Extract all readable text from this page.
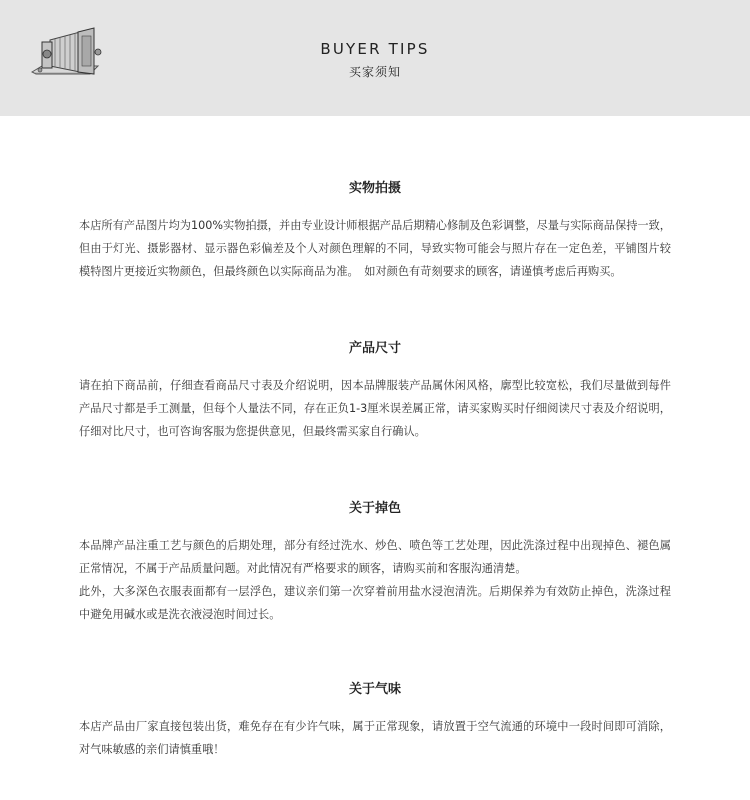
BUYER TIPS
买家须知
实物拍摄

本店所有产品图片均为100%实物拍摄，并由专业设计师根据产品后期精心修制及色彩调整，尽量与实际商品保持一致，但由于灯光、摄影器材、显示器色彩偏差及个人对颜色理解的不同，导致实物可能会与照片存在一定色差，平铺图片较模特图片更接近实物颜色，但最终颜色以实际商品为准。　如对颜色有苛刻要求的顾客，请谨慎考虑后再购买。

产品尺寸

请在拍下商品前，仔细查看商品尺寸表及介绍说明，因本品牌服装产品属休闲风格，廓型比较宽松，我们尽量做到每件产品尺寸都是手工测量，但每个人量法不同，存在正负1-3厘米误差属正常，请买家购买时仔细阅读尺寸表及介绍说明，仔细对比尺寸，也可咨询客服为您提供意见，但最终需买家自行确认。

关于掉色

本品牌产品注重工艺与颜色的后期处理，部分有经过洗水、炒色、喷色等工艺处理，因此洗涤过程中出现掉色、褪色属正常情况，不属于产品质量问题。对此情况有严格要求的顾客，请购买前和客服沟通清楚。

此外，大多深色衣服表面都有一层浮色，建议亲们第一次穿着前用盐水浸泡清洗。后期保养为有效防止掉色，洗涤过程中避免用碱水或是洗衣液浸泡时间过长。

关于气味

本店产品由厂家直接包装出货，难免存在有少许气味，属于正常现象，请放置于空气流通的环境中一段时间即可消除，对气味敏感的亲们请慎重哦！
